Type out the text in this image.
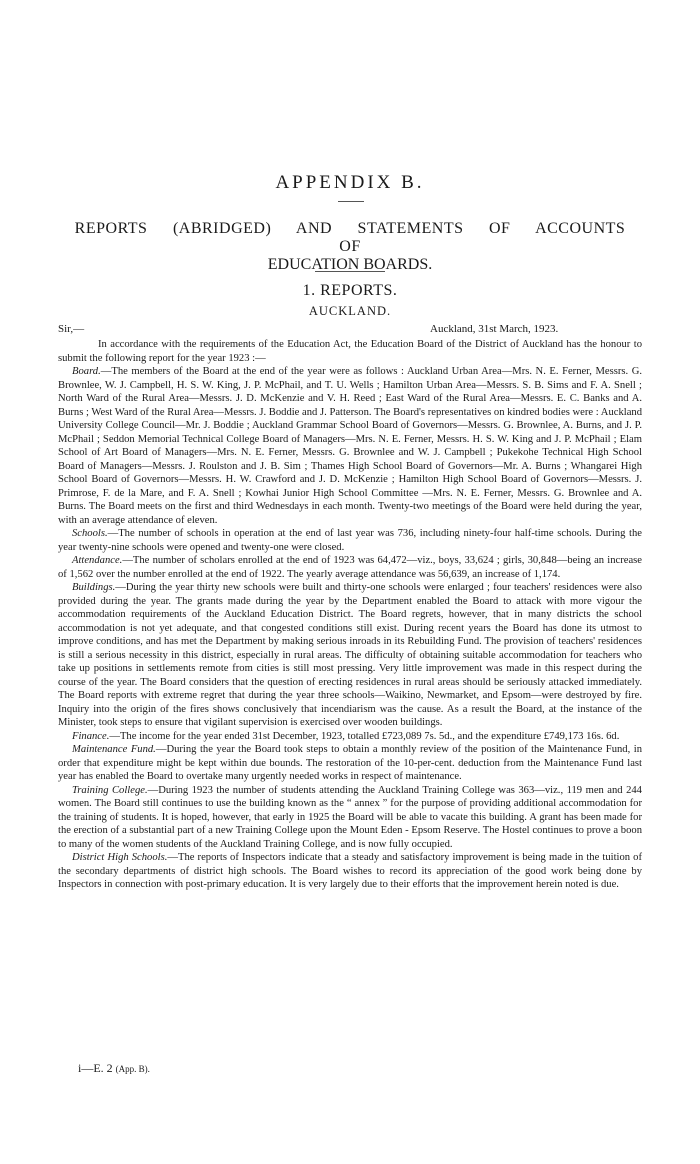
APPENDIX B.
REPORTS (ABRIDGED) AND STATEMENTS OF ACCOUNTS OF
EDUCATION BOARDS.
1. REPORTS.
AUCKLAND.
Sir,—	Auckland, 31st March, 1923.

In accordance with the requirements of the Education Act, the Education Board of the District of Auckland has the honour to submit the following report for the year 1923 :—

Board.—The members of the Board at the end of the year were as follows : Auckland Urban Area—Mrs. N. E. Ferner, Messrs. G. Brownlee, W. J. Campbell, H. S. W. King, J. P. McPhail, and T. U. Wells ; Hamilton Urban Area—Messrs. S. B. Sims and F. A. Snell ; North Ward of the Rural Area—Messrs. J. D. McKenzie and V. H. Reed ; East Ward of the Rural Area—Messrs. E. C. Banks and A. Burns ; West Ward of the Rural Area—Messrs. J. Boddie and J. Patterson. The Board's representatives on kindred bodies were : Auckland University College Council—Mr. J. Boddie ; Auckland Grammar School Board of Governors—Messrs. G. Brownlee, A. Burns, and J. P. McPhail ; Seddon Memorial Technical College Board of Managers—Mrs. N. E. Ferner, Messrs. H. S. W. King and J. P. McPhail ; Elam School of Art Board of Managers—Mrs. N. E. Ferner, Messrs. G. Brownlee and W. J. Campbell ; Pukekohe Technical High School Board of Managers—Messrs. J. Roulston and J. B. Sim ; Thames High School Board of Governors—Mr. A. Burns ; Whangarei High School Board of Governors—Messrs. H. W. Crawford and J. D. McKenzie ; Hamilton High School Board of Governors—Messrs. J. Primrose, F. de la Mare, and F. A. Snell ; Kowhai Junior High School Committee —Mrs. N. E. Ferner, Messrs. G. Brownlee and A. Burns. The Board meets on the first and third Wednesdays in each month. Twenty-two meetings of the Board were held during the year, with an average attendance of eleven.

Schools.—The number of schools in operation at the end of last year was 736, including ninety-four half-time schools. During the year twenty-nine schools were opened and twenty-one were closed.

Attendance.—The number of scholars enrolled at the end of 1923 was 64,472—viz., boys, 33,624 ; girls, 30,848—being an increase of 1,562 over the number enrolled at the end of 1922. The yearly average attendance was 56,639, an increase of 1,174.

Buildings.—During the year thirty new schools were built and thirty-one schools were enlarged ; four teachers' residences were also provided during the year. The grants made during the year by the Department enabled the Board to attack with more vigour the accommodation requirements of the Auckland Education District. The Board regrets, however, that in many districts the school accommodation is not yet adequate, and that congested conditions still exist. During recent years the Board has done its utmost to improve conditions, and has met the Department by making serious inroads in its Rebuilding Fund. The provision of teachers' residences is still a serious necessity in this district, especially in rural areas. The difficulty of obtaining suitable accommodation for teachers who take up positions in settlements remote from cities is still most pressing. Very little improvement was made in this respect during the course of the year. The Board considers that the question of erecting residences in rural areas should be seriously attacked immediately. The Board reports with extreme regret that during the year three schools—Waikino, Newmarket, and Epsom—were destroyed by fire. Inquiry into the origin of the fires shows conclusively that incendiarism was the cause. As a result the Board, at the instance of the Minister, took steps to ensure that vigilant supervision is exercised over wooden buildings.

Finance.—The income for the year ended 31st December, 1923, totalled £723,089 7s. 5d., and the expenditure £749,173 16s. 6d.

Maintenance Fund.—During the year the Board took steps to obtain a monthly review of the position of the Maintenance Fund, in order that expenditure might be kept within due bounds. The restoration of the 10-per-cent. deduction from the Maintenance Fund last year has enabled the Board to overtake many urgently needed works in respect of maintenance.

Training College.—During 1923 the number of students attending the Auckland Training College was 363—viz., 119 men and 244 women. The Board still continues to use the building known as the “ annex ” for the purpose of providing additional accommodation for the training of students. It is hoped, however, that early in 1925 the Board will be able to vacate this building. A grant has been made for the erection of a substantial part of a new Training College upon the Mount Eden - Epsom Reserve. The Hostel continues to prove a boon to many of the women students of the Auckland Training College, and is now fully occupied.

District High Schools.—The reports of Inspectors indicate that a steady and satisfactory improvement is being made in the tuition of the secondary departments of district high schools. The Board wishes to record its appreciation of the good work being done by Inspectors in connection with post-primary education. It is very largely due to their efforts that the improvement herein noted is due.

i—E. 2 (App. B).
